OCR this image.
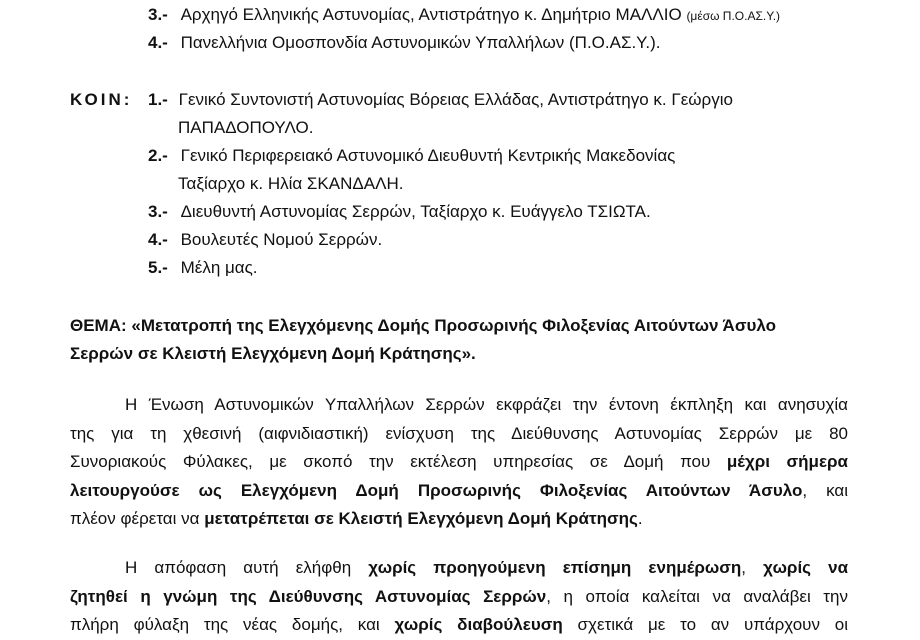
3.- Αρχηγό Ελληνικής Αστυνομίας, Αντιστράτηγο κ. Δημήτριο ΜΑΛΛΙΟ (μέσω Π.Ο.ΑΣ.Υ.)
4.- Πανελλήνια Ομοσπονδία Αστυνομικών Υπαλλήλων (Π.Ο.ΑΣ.Υ.).
ΚΟΙΝ: 1.- Γενικό Συντονιστή Αστυνομίας Βόρειας Ελλάδας, Αντιστράτηγο κ. Γεώργιο
ΠΑΠΑΔΟΠΟΥΛΟ.
2.- Γενικό Περιφερειακό Αστυνομικό Διευθυντή Κεντρικής Μακεδονίας
Ταξίαρχο κ. Ηλία ΣΚΑΝΔΑΛΗ.
3.- Διευθυντή Αστυνομίας Σερρών, Ταξίαρχο κ. Ευάγγελο ΤΣΙΩΤΑ.
4.- Βουλευτές Νομού Σερρών.
5.- Μέλη μας.
ΘΕΜΑ: «Μετατροπή της Ελεγχόμενης Δομής Προσωρινής Φιλοξενίας Αιτούντων Άσυλο
Σερρών σε Κλειστή Ελεγχόμενη Δομή Κράτησης».
Η Ένωση Αστυνομικών Υπαλλήλων Σερρών εκφράζει την έντονη έκπληξη και ανησυχία
της για τη χθεσινή (αιφνιδιαστική) ενίσχυση της Διεύθυνσης Αστυνομίας Σερρών με 80
Συνοριακούς Φύλακες, με σκοπό την εκτέλεση υπηρεσίας σε Δομή που μέχρι σήμερα
λειτουργούσε ως Ελεγχόμενη Δομή Προσωρινής Φιλοξενίας Αιτούντων Άσυλο, και
πλέον φέρεται να μετατρέπεται σε Κλειστή Ελεγχόμενη Δομή Κράτησης.
Η απόφαση αυτή ελήφθη χωρίς προηγούμενη επίσημη ενημέρωση, χωρίς να
ζητηθεί η γνώμη της Διεύθυνσης Αστυνομίας Σερρών, η οποία καλείται να αναλάβει την
πλήρη φύλαξη της νέας δομής, και χωρίς διαβούλευση σχετικά με το αν υπάρχουν οι
